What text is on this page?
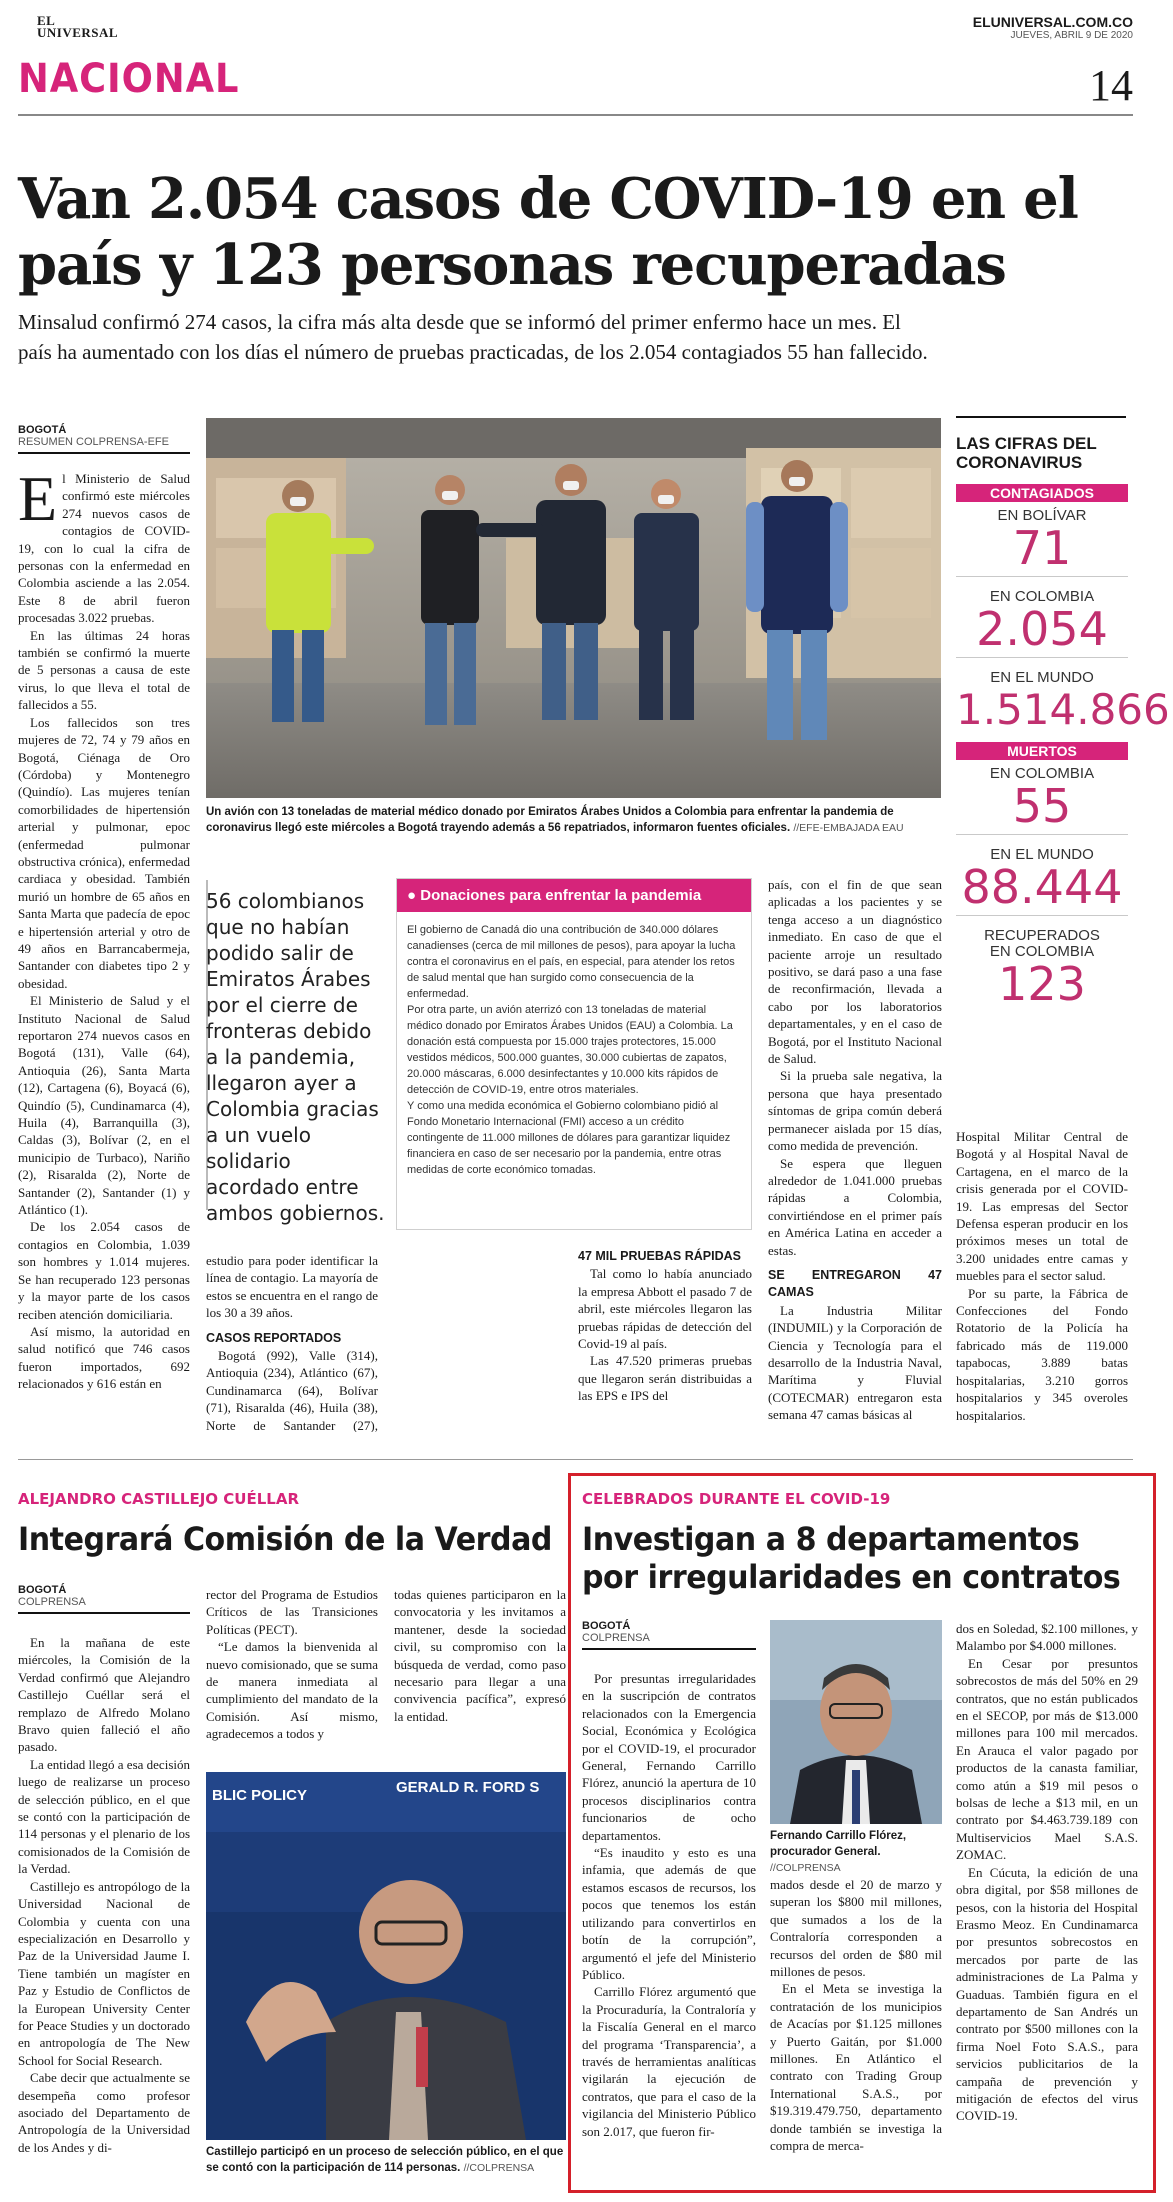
EL
UNIVERSAL
ELUNIVERSAL.COM.CO
JUEVES, ABRIL 9 DE 2020
NACIONAL	14
Van 2.054 casos de COVID-19 en el
país y 123 personas recuperadas
Minsalud confirmó 274 casos, la cifra más alta desde que se informó del primer enfermo hace un mes. El
país ha aumentado con los días el número de pruebas practicadas, de los 2.054 contagiados 55 han fallecido.
BOGOTÁ
RESUMEN COLPRENSA-EFE

El Ministerio de Salud confirmó este miércoles 274 nuevos casos de contagios de COVID-19, con lo cual la cifra de personas con la enfermedad en Colombia asciende a las 2.054. Este 8 de abril fueron procesadas 3.022 pruebas.

En las últimas 24 horas también se confirmó la muerte de 5 personas a causa de este virus, lo que lleva el total de fallecidos a 55.

Los fallecidos son tres mujeres de 72, 74 y 79 años en Bogotá, Ciénaga de Oro (Córdoba) y Montenegro (Quindío). Las mujeres tenían comorbilidades de hipertensión arterial y pulmonar, epoc (enfermedad pulmonar obstructiva crónica), enfermedad cardiaca y obesidad. También murió un hombre de 65 años en Santa Marta que padecía de epoc e hipertensión arterial y otro de 49 años en Barrancabermeja, Santander con diabetes tipo 2 y obesidad.

El Ministerio de Salud y el Instituto Nacional de Salud reportaron 274 nuevos casos en Bogotá (131), Valle (64), Antioquia (26), Santa Marta (12), Cartagena (6), Boyacá (6), Quindío (5), Cundinamarca (4), Huila (4), Barranquilla (3), Caldas (3), Bolívar (2, en el municipio de Turbaco), Nariño (2), Risaralda (2), Norte de Santander (2), Santander (1) y Atlántico (1).

De los 2.054 casos de contagios en Colombia, 1.039 son hombres y 1.014 mujeres. Se han recuperado 123 personas y la mayor parte de los casos reciben atención domiciliaria.

Así mismo, la autoridad en salud notificó que 746 casos fueron importados, 692 relacionados y 616 están en

Un avión con 13 toneladas de material médico donado por Emiratos Árabes Unidos a Colombia para enfrentar la pandemia de coronavirus llegó este miércoles a Bogotá trayendo además a 56 repatriados, informaron fuentes oficiales. //EFE-EMBAJADA EAU
56 colombianos que no habían podido salir de Emiratos Árabes por el cierre de fronteras debido a la pandemia, llegaron ayer a Colombia gracias a un vuelo solidario acordado entre ambos gobiernos.
● Donaciones para enfrentar la pandemia

El gobierno de Canadá dio una contribución de 340.000 dólares canadienses (cerca de mil millones de pesos), para apoyar la lucha contra el coronavirus en el país, en especial, para atender los retos de salud mental que han surgido como consecuencia de la enfermedad.

Por otra parte, un avión aterrizó con 13 toneladas de material médico donado por Emiratos Árabes Unidos (EAU) a Colombia. La donación está compuesta por 15.000 trajes protectores, 15.000 vestidos médicos, 500.000 guantes, 30.000 cubiertas de zapatos, 20.000 máscaras, 6.000 desinfectantes y 10.000 kits rápidos de detección de COVID-19, entre otros materiales.

Y como una medida económica el Gobierno colombiano pidió al Fondo Monetario Internacional (FMI) acceso a un crédito contingente de 11.000 millones de dólares para garantizar liquidez financiera en caso de ser necesario por la pandemia, entre otras medidas de corte económico tomadas.

estudio para poder identificar la línea de contagio. La mayoría de estos se encuentra en el rango de los 30 a 39 años.

CASOS REPORTADOS

Bogotá (992), Valle (314), Antioquia (234), Atlántico (67), Cundinamarca (64), Bolívar (71), Risaralda (46), Huila (38), Norte de Santander (27),

47 MIL PRUEBAS RÁPIDAS

Tal como lo había anunciado la empresa Abbott el pasado 7 de abril, este miércoles llegaron las pruebas rápidas de detección del Covid-19 al país.

Las 47.520 primeras pruebas que llegaron serán distribuidas a las EPS e IPS del

país, con el fin de que sean aplicadas a los pacientes y se tenga acceso a un diagnóstico inmediato. En caso de que el paciente arroje un resultado positivo, se dará paso a una fase de reconfirmación, llevada a cabo por los laboratorios departamentales, y en el caso de Bogotá, por el Instituto Nacional de Salud.

Si la prueba sale negativa, la persona que haya presentado síntomas de gripa común deberá permanecer aislada por 15 días, como medida de prevención.

Se espera que lleguen alrededor de 1.041.000 pruebas rápidas a Colombia, convirtiéndose en el primer país en América Latina en acceder a estas.

SE ENTREGARON 47 CAMAS

La Industria Militar (INDUMIL) y la Corporación de Ciencia y Tecnología para el desarrollo de la Industria Naval, Marítima y Fluvial (COTECMAR) entregaron esta semana 47 camas básicas al

LAS CIFRAS DEL
CORONAVIRUS
CONTAGIADOS
EN BOLÍVAR
71
EN COLOMBIA
2.054
EN EL MUNDO
1.514.866
MUERTOS
EN COLOMBIA
55
EN EL MUNDO
88.444
RECUPERADOS
EN COLOMBIA
123

Hospital Militar Central de Bogotá y al Hospital Naval de Cartagena, en el marco de la crisis generada por el COVID-19. Las empresas del Sector Defensa esperan producir en los próximos meses un total de 3.200 unidades entre camas y muebles para el sector salud.

Por su parte, la Fábrica de Confecciones del Fondo Rotatorio de la Policía ha fabricado más de 119.000 tapabocas, 3.889 batas hospitalarias, 3.210 gorros hospitalarios y 345 overoles hospitalarios.

ALEJANDRO CASTILLEJO CUÉLLAR
Integrará Comisión de la Verdad
BOGOTÁ
COLPRENSA

En la mañana de este miércoles, la Comisión de la Verdad confirmó que Alejandro Castillejo Cuéllar será el remplazo de Alfredo Molano Bravo quien falleció el año pasado.

La entidad llegó a esa decisión luego de realizarse un proceso de selección público, en el que se contó con la participación de 114 personas y el plenario de los comisionados de la Comisión de la Verdad.

Castillejo es antropólogo de la Universidad Nacional de Colombia y cuenta con una especialización en Desarrollo y Paz de la Universidad Jaume I. Tiene también un magíster en Paz y Estudio de Conflictos de la European University Center for Peace Studies y un doctorado en antropología de The New School for Social Research.

Cabe decir que actualmente se desempeña como profesor asociado del Departamento de Antropología de la Universidad de los Andes y di-

rector del Programa de Estudios Críticos de las Transiciones Políticas (PECT).

“Le damos la bienvenida al nuevo comisionado, que se suma de manera inmediata al cumplimiento del mandato de la Comisión. Así mismo, agradecemos a todos y

todas quienes participaron en la convocatoria y les invitamos a mantener, desde la sociedad civil, su compromiso con la búsqueda de verdad, como paso necesario para llegar a una convivencia pacífica”, expresó la entidad.

BLIC POLICY	GERALD R. FORD S
Castillejo participó en un proceso de selección público, en el que se contó con la participación de 114 personas. //COLPRENSA
CELEBRADOS DURANTE EL COVID-19
Investigan a 8 departamentos
por irregularidades en contratos
BOGOTÁ
COLPRENSA

Por presuntas irregularidades en la suscripción de contratos relacionados con la Emergencia Social, Económica y Ecológica por el COVID-19, el procurador General, Fernando Carrillo Flórez, anunció la apertura de 10 procesos disciplinarios contra funcionarios de ocho departamentos.

“Es inaudito y esto es una infamia, que además de que estamos escasos de recursos, los pocos que tenemos los están utilizando para convertirlos en botín de la corrupción”, argumentó el jefe del Ministerio Público.

Carrillo Flórez argumentó que la Procuraduría, la Contraloría y la Fiscalía General en el marco del programa ‘Transparencia’, a través de herramientas analíticas vigilarán la ejecución de contratos, que para el caso de la vigilancia del Ministerio Público son 2.017, que fueron fir-

Fernando Carrillo Flórez, procurador General. //COLPRENSA

mados desde el 20 de marzo y superan los $800 mil millones, que sumados a los de la Contraloría corresponden a recursos del orden de $80 mil millones de pesos.

En el Meta se investiga la contratación de los municipios de Acacías por $1.125 millones y Puerto Gaitán, por $1.000 millones. En Atlántico el contrato con Trading Group International S.A.S., por $19.319.479.750, departamento donde también se investiga la compra de merca-

dos en Soledad, $2.100 millones, y Malambo por $4.000 millones.

En Cesar por presuntos sobrecostos de más del 50% en 29 contratos, que no están publicados en el SECOP, por más de $13.000 millones para 100 mil mercados. En Arauca el valor pagado por productos de la canasta familiar, como atún a $19 mil pesos o bolsas de leche a $13 mil, en un contrato por $4.463.739.189 con Multiservicios Mael S.A.S. ZOMAC.

En Cúcuta, la edición de una obra digital, por $58 millones de pesos, con la historia del Hospital Erasmo Meoz. En Cundinamarca por presuntos sobrecostos en mercados por parte de las administraciones de La Palma y Guaduas. También figura en el departamento de San Andrés un contrato por $500 millones con la firma Noel Foto S.A.S., para servicios publicitarios de la campaña de prevención y mitigación de efectos del virus COVID-19.
